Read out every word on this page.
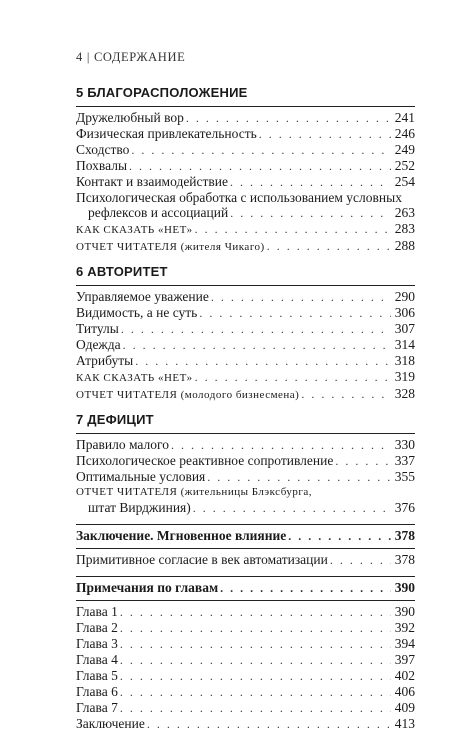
4 | СОДЕРЖАНИЕ
5 БЛАГОРАСПОЛОЖЕНИЕ
Дружелюбный вор . . .	241
Физическая привлекательность . . .	246
Сходство . . .	249
Похвалы . . .	252
Контакт и взаимодействие . . .	254
Психологическая обработка с использованием условных
рефлексов и ассоциаций . . .	263
КАК СКАЗАТЬ «НЕТ» . . .	283
ОТЧЕТ ЧИТАТЕЛЯ (жителя Чикаго) . . .	288
6 АВТОРИТЕТ
Управляемое уважение . . .	290
Видимость, а не суть . . .	306
Титулы . . .	307
Одежда . . .	314
Атрибуты . . .	318
КАК СКАЗАТЬ «НЕТ» . . .	319
ОТЧЕТ ЧИТАТЕЛЯ (молодого бизнесмена) . . .	328
7 ДЕФИЦИТ
Правило малого . . .	330
Психологическое реактивное сопротивление . . .	337
Оптимальные условия . . .	355
ОТЧЕТ ЧИТАТЕЛЯ (жительницы Блэксбурга,
штат Вирджиния) . . .	376
Заключение. Мгновенное влияние . . .	378
Примитивное согласие в век автоматизации . . .	378
Примечания по главам . . .	390
Глава 1 . . .	390
Глава 2 . . .	392
Глава 3 . . .	394
Глава 4 . . .	397
Глава 5 . . .	402
Глава 6 . . .	406
Глава 7 . . .	409
Заключение . . .	413
